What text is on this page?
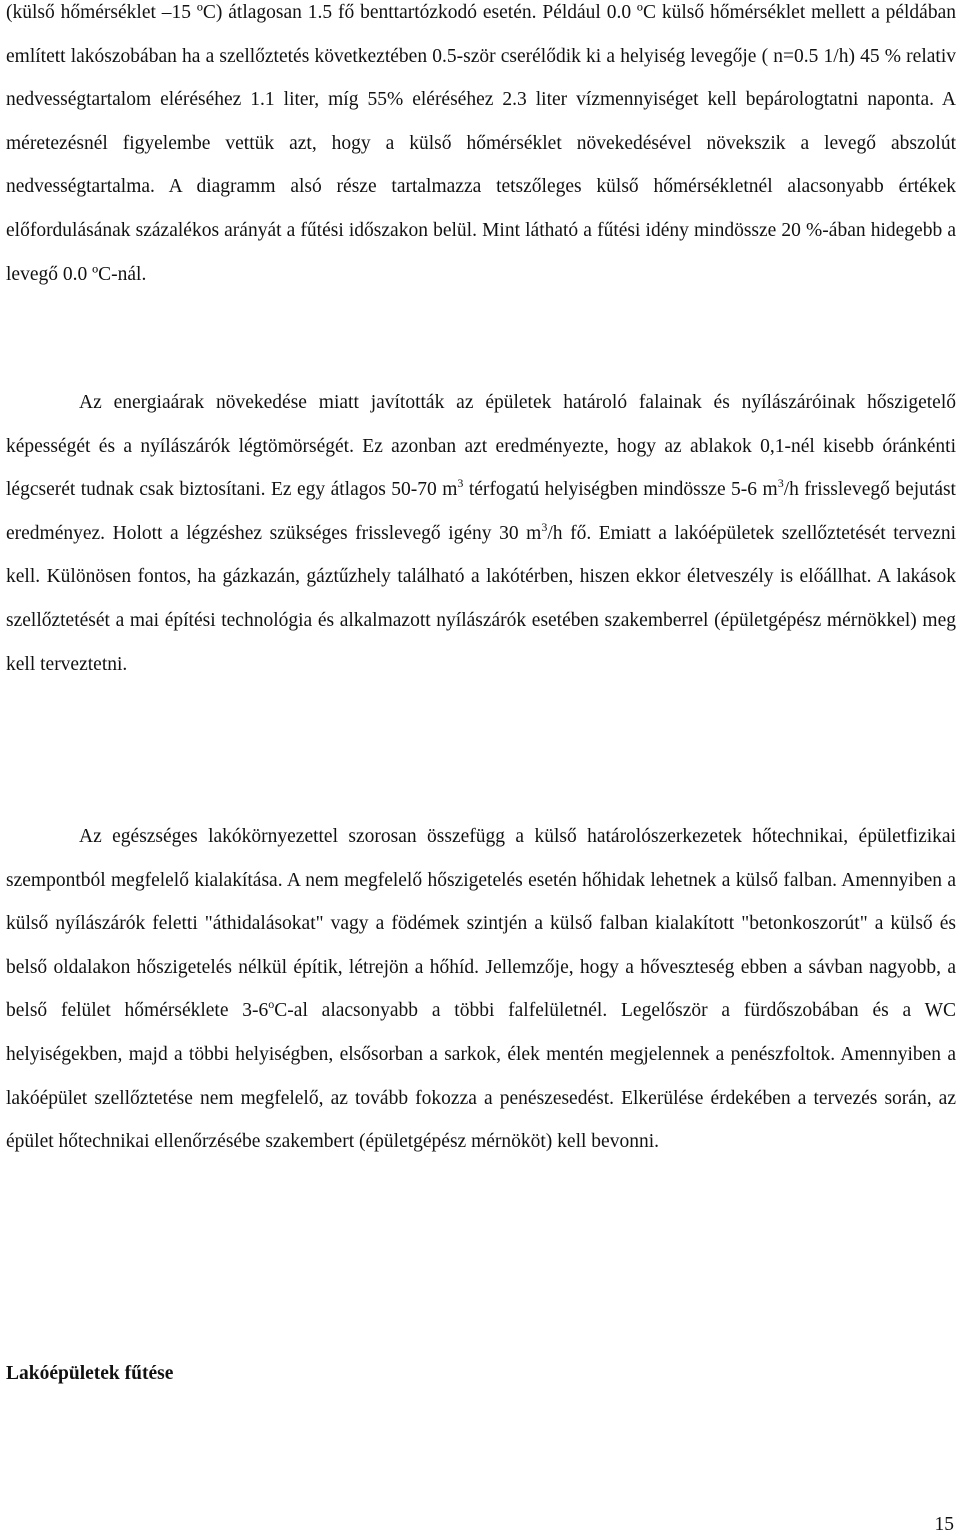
(külső hőmérséklet –15 ºC) átlagosan 1.5 fő benttartózkodó esetén. Például 0.0 ºC külső hőmérséklet mellett a példában említett lakószobában ha a szellőztetés következtében 0.5-ször cserélődik ki a helyiség levegője ( n=0.5 1/h) 45 % relativ nedvességtartalom eléréséhez 1.1 liter, míg 55% eléréséhez 2.3 liter vízmennyiséget kell bepárologtatni naponta. A méretezésnél figyelembe vettük azt, hogy a külső hőmérséklet növekedésével növekszik a levegő abszolút nedvességtartalma. A diagramm alsó része tartalmazza tetszőleges külső hőmérsékletnél alacsonyabb értékek előfordulásának százalékos arányát a fűtési időszakon belül. Mint látható a fűtési idény mindössze 20 %-ában hidegebb a levegő 0.0 ºC-nál.

Az energiaárak növekedése miatt javították az épületek határoló falainak és nyílászáróinak hőszigetelő képességét és a nyílászárók légtömörségét. Ez azonban azt eredményezte, hogy az ablakok 0,1-nél kisebb óránkénti légcserét tudnak csak biztosítani. Ez egy átlagos 50-70 $m^3$ térfogatú helyiségben mindössze 5-6 $m^3/h$ frisslevegő bejutást eredményez. Holott a légzéshez szükséges frisslevegő igény 30 $m^3/h$ fő. Emiatt a lakóépületek szellőztetését tervezni kell. Különösen fontos, ha gázkazán, gáztűzhely található a lakótérben, hiszen ekkor életveszély is előállhat. A lakások szellőztetését a mai építési technológia és alkalmazott nyílászárók esetében szakemberrel (épületgépész mérnökkel) meg kell terveztetni.

Az egészséges lakókörnyezettel szorosan összefügg a külső határolószerkezetek hőtechnikai, épületfizikai szempontból megfelelő kialakítása. A nem megfelelő hőszigetelés esetén hőhidak lehetnek a külső falban. Amennyiben a külső nyílászárók feletti "áthidalásokat" vagy a födémek szintjén a külső falban kialakított "betonkoszorút" a külső és belső oldalakon hőszigetelés nélkül építik, létrejön a hőhíd. Jellemzője, hogy a hőveszteség ebben a sávban nagyobb, a belső felület hőmérséklete 3-6$^o$C-al alacsonyabb a többi falfelületnél. Legelőször a fürdőszobában és a WC helyiségekben, majd a többi helyiségben, elsősorban a sarkok, élek mentén megjelennek a penészfoltok. Amennyiben a lakóépület szellőztetése nem megfelelő, az tovább fokozza a penészesedést. Elkerülése érdekében a tervezés során, az épület hőtechnikai ellenőrzésébe szakembert (épületgépész mérnököt) kell bevonni.

Lakóépületek fűtése
15
